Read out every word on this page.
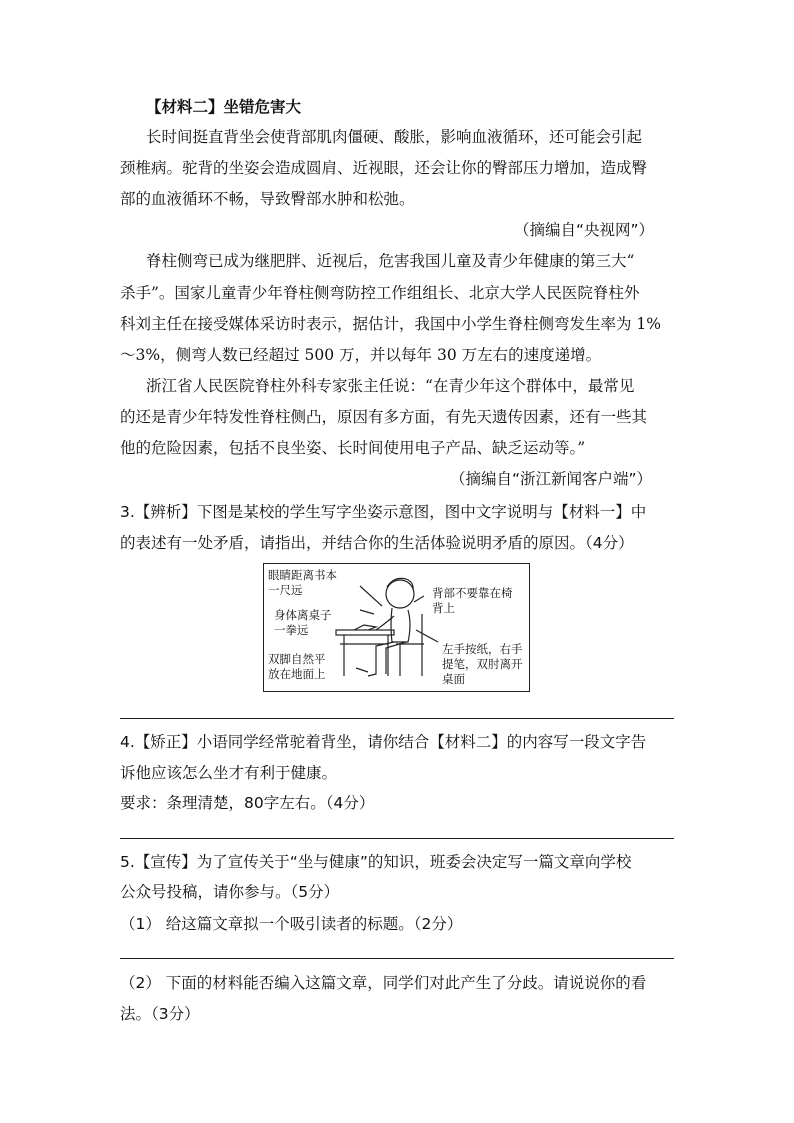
【材料二】坐错危害大
长时间挺直背坐会使背部肌肉僵硬、酸胀，影响血液循环，还可能会引起
颈椎病。驼背的坐姿会造成圆肩、近视眼，还会让你的臀部压力增加，造成臀
部的血液循环不畅，导致臀部水肿和松弛。
（摘编自“央视网”）
脊柱侧弯已成为继肥胖、近视后，危害我国儿童及青少年健康的第三大“
杀手”。国家儿童青少年脊柱侧弯防控工作组组长、北京大学人民医院脊柱外
科刘主任在接受媒体采访时表示，据估计，我国中小学生脊柱侧弯发生率为 1%
～3%，侧弯人数已经超过 500 万，并以每年 30 万左右的速度递增。
浙江省人民医院脊柱外科专家张主任说：“在青少年这个群体中，最常见
的还是青少年特发性脊柱侧凸，原因有多方面，有先天遗传因素，还有一些其
他的危险因素，包括不良坐姿、长时间使用电子产品、缺乏运动等。”
（摘编自“浙江新闻客户端”）
3.【辨析】下图是某校的学生写字坐姿示意图，图中文字说明与【材料一】中
的表述有一处矛盾，请指出，并结合你的生活体验说明矛盾的原因。（4分）
眼睛距离书本
一尺远	背部不要靠在椅
背上
身体离桌子
一拳远
左手按纸，右手
提笔，双肘离开
桌面
双脚自然平
放在地面上
4.【矫正】小语同学经常驼着背坐，请你结合【材料二】的内容写一段文字告
诉他应该怎么坐才有利于健康。
要求：条理清楚，80字左右。（4分）
5.【宣传】为了宣传关于“坐与健康”的知识，班委会决定写一篇文章向学校
公众号投稿，请你参与。（5分）
（1） 给这篇文章拟一个吸引读者的标题。（2分）
（2） 下面的材料能否编入这篇文章，同学们对此产生了分歧。请说说你的看
法。（3分）
